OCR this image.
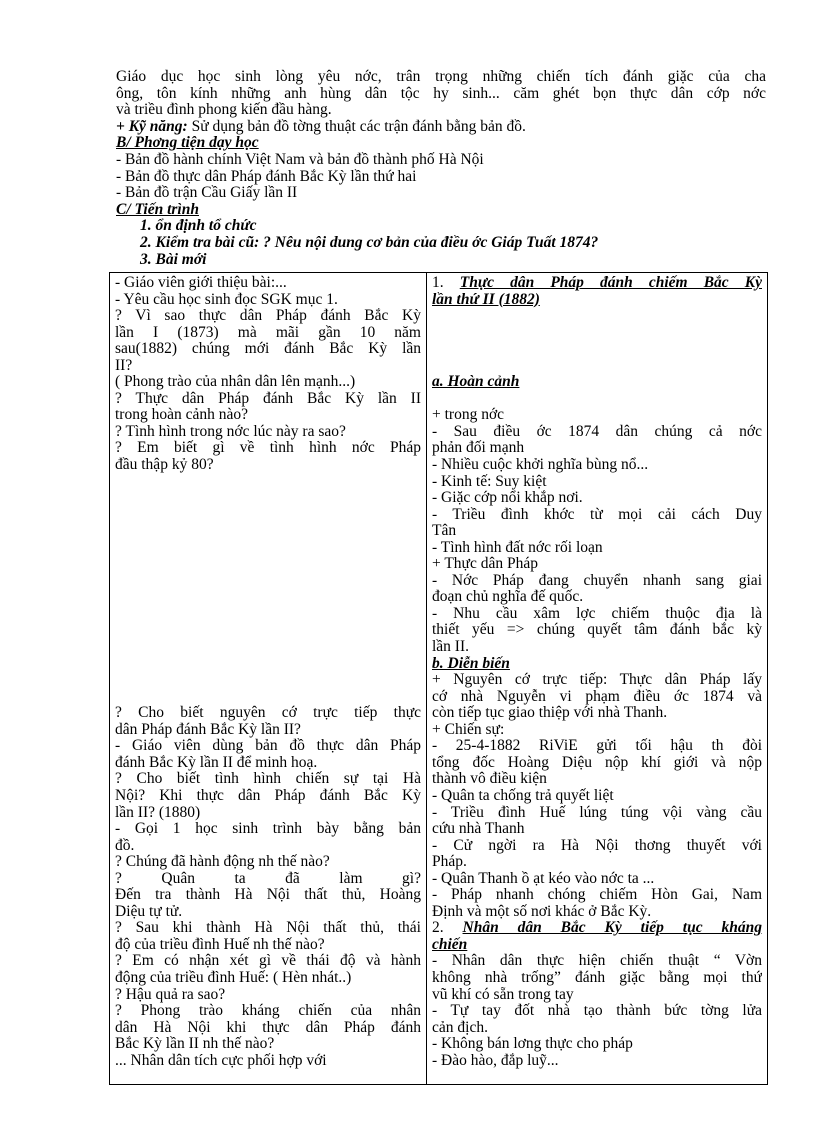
Giáo dục học sinh lòng yêu nớc, trân trọng những chiến tích đánh giặc của cha
ông, tôn kính những anh hùng dân tộc hy sinh... căm ghét bọn thực dân cớp nớc
và triều đình phong kiến đầu hàng.
+ Kỹ năng: Sử dụng bản đồ tờng thuật các trận đánh bằng bản đồ.
B/ Phơng tiện dạy học
- Bản đồ hành chính Việt Nam và bản đồ thành phố Hà Nội
- Bản đồ thực dân Pháp đánh Bắc Kỳ lần thứ hai
- Bản đồ trận Cầu Giấy lần II
C/ Tiến trình
1. ổn định tổ chức
2. Kiểm tra bài cũ: ? Nêu nội dung cơ bản của điều ớc Giáp Tuất 1874?
3. Bài mới
- Giáo viên giới thiệu bài:...
- Yêu cầu học sinh đọc SGK mục 1.
? Vì sao thực dân Pháp đánh Bắc Kỳ
lần I (1873) mà mãi gần 10 năm
sau(1882) chúng mới đánh Bắc Kỳ lần
II?
( Phong trào của nhân dân lên mạnh...)
? Thực dân Pháp đánh Bắc Kỳ lần II
trong hoàn cảnh nào?
? Tình hình trong nớc lúc này ra sao?
? Em biết gì về tình hình nớc Pháp
đầu thập kỷ 80?

? Cho biết nguyên cớ trực tiếp thực
dân Pháp đánh Bắc Kỳ lần II?
- Giáo viên dùng bản đồ thực dân Pháp
đánh Bắc Kỳ lần II để minh hoạ.
? Cho biết tình hình chiến sự tại Hà
Nội? Khi thực dân Pháp đánh Bắc Kỳ
lần II? (1880)
- Gọi 1 học sinh trình bày bằng bản
đồ.
? Chúng đã hành động nh thế nào?
? Quân ta đã làm gì?
Đến tra thành Hà Nội thất thủ, Hoàng
Diệu tự tử.
? Sau khi thành Hà Nội thất thủ, thái
độ của triều đình Huế nh thế nào?
? Em có nhận xét gì về thái độ và hành
động của triều đình Huế: ( Hèn nhát..)
? Hậu quả ra sao?
? Phong trào kháng chiến của nhân
dân Hà Nội khi thực dân Pháp đánh
Bắc Kỳ lần II nh thế nào?
... Nhân dân tích cực phối hợp với

1. Thực dân Pháp đánh chiếm Bắc Kỳ
lần thứ II (1882)
a. Hoàn cảnh
+ trong nớc
- Sau điều ớc 1874 dân chúng cả nớc
phản đối mạnh
- Nhiều cuộc khởi nghĩa bùng nổ...
- Kinh tế: Suy kiệt
- Giặc cớp nổi khắp nơi.
- Triều đình khớc từ mọi cải cách Duy
Tân
- Tình hình đất nớc rối loạn
+ Thực dân Pháp
- Nớc Pháp đang chuyển nhanh sang giai
đoạn chủ nghĩa đế quốc.
- Nhu cầu xâm lợc chiếm thuộc địa là
thiết yếu => chúng quyết tâm đánh bắc kỳ
lần II.
b. Diễn biến
+ Nguyên cớ trực tiếp: Thực dân Pháp lấy
cớ nhà Nguyễn vi phạm điều ớc 1874 và
còn tiếp tục giao thiệp với nhà Thanh.
+ Chiến sự:
- 25-4-1882 RiViE gửi tối hậu th đòi
tổng đốc Hoàng Diệu nộp khí giới và nộp
thành vô điều kiện
- Quân ta chống trả quyết liệt
- Triều đình Huế lúng túng vội vàng cầu
cứu nhà Thanh
- Cử ngời ra Hà Nội thơng thuyết với
Pháp.
- Quân Thanh ồ ạt kéo vào nớc ta ...
- Pháp nhanh chóng chiếm Hòn Gai, Nam
Định và một số nơi khác ở Bắc Kỳ.
2. Nhân dân Bắc Kỳ tiếp tục kháng
chiến
- Nhân dân thực hiện chiến thuật “ Vờn
không nhà trống” đánh giặc bằng mọi thứ
vũ khí có sẵn trong tay
- Tự tay đốt nhà tạo thành bức tờng lửa
cản địch.
- Không bán lơng thực cho pháp
- Đào hào, đắp luỹ...
